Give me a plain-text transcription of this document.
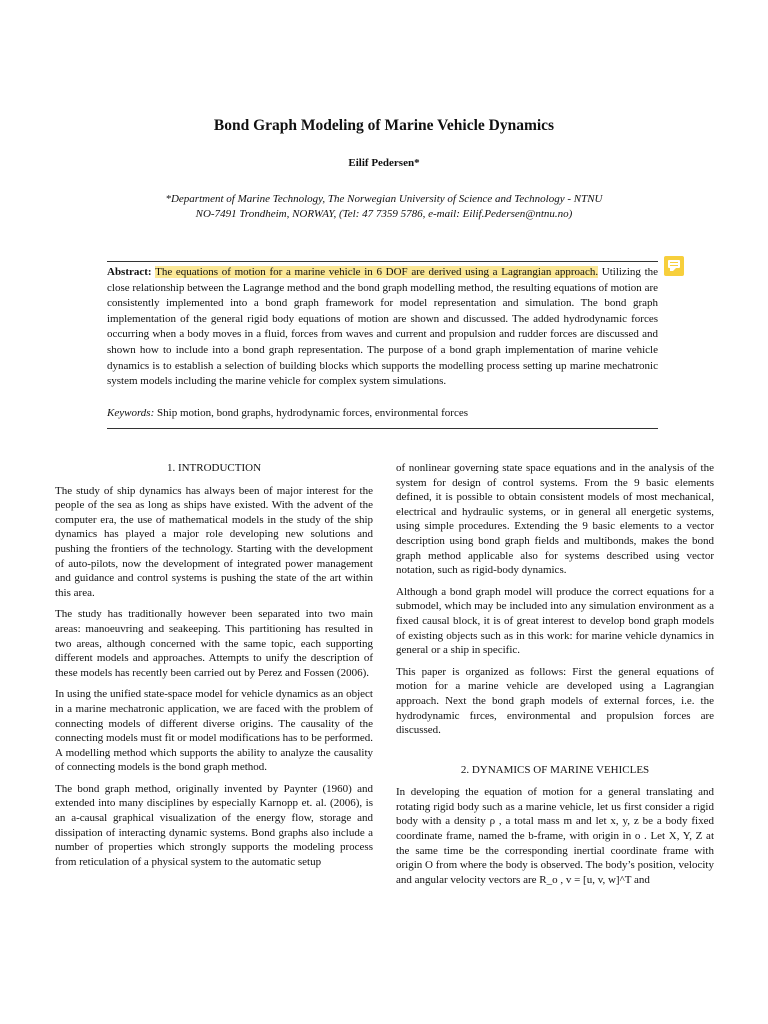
Bond Graph Modeling of Marine Vehicle Dynamics
Eilif Pedersen*
*Department of Marine Technology, The Norwegian University of Science and Technology - NTNU
NO-7491 Trondheim, NORWAY, (Tel: 47 7359 5786, e-mail: Eilif.Pedersen@ntnu.no)
Abstract: The equations of motion for a marine vehicle in 6 DOF are derived using a Lagrangian approach. Utilizing the close relationship between the Lagrange method and the bond graph modelling method, the resulting equations of motion are consistently implemented into a bond graph framework for model representation and simulation. The bond graph implementation of the general rigid body equations of motion are shown and discussed. The added hydrodynamic forces occurring when a body moves in a fluid, forces from waves and current and propulsion and rudder forces are discussed and shown how to include into a bond graph representation. The purpose of a bond graph implementation of marine vehicle dynamics is to establish a selection of building blocks which supports the modelling process setting up marine mechatronic system models including the marine vehicle for complex system simulations.
Keywords: Ship motion, bond graphs, hydrodynamic forces, environmental forces
1. INTRODUCTION

The study of ship dynamics has always been of major interest for the people of the sea as long as ships have existed. With the advent of the computer era, the use of mathematical models in the study of the ship dynamics has played a major role developing new solutions and pushing the frontiers of the technology. Starting with the development of auto-pilots, now the development of integrated power management and guidance and control systems is pushing the state of the art within this area.

The study has traditionally however been separated into two main areas: manoeuvring and seakeeping. This partitioning has resulted in two areas, although concerned with the same topic, each supporting different models and approaches. Attempts to unify the description of these models has recently been carried out by Perez and Fossen (2006).

In using the unified state-space model for vehicle dynamics as an object in a marine mechatronic application, we are faced with the problem of connecting models of different diverse origins. The causality of the connecting models must fit or model modifications has to be performed. A modelling method which supports the ability to analyze the causality of connecting models is the bond graph method.

The bond graph method, originally invented by Paynter (1960) and extended into many disciplines by especially Karnopp et. al. (2006), is an a-causal graphical visualization of the energy flow, storage and dissipation of interacting dynamic systems. Bond graphs also include a number of properties which strongly supports the modeling process from reticulation of a physical system to the automatic setup

of nonlinear governing state space equations and in the analysis of the system for design of control systems. From the 9 basic elements defined, it is possible to obtain consistent models of most mechanical, electrical and hydraulic systems, or in general all energetic systems, using simple procedures. Extending the 9 basic elements to a vector description using bond graph fields and multibonds, makes the bond graph method applicable also for systems described using vector notation, such as rigid-body dynamics.

Although a bond graph model will produce the correct equations for a submodel, which may be included into any simulation environment as a fixed causal block, it is of great interest to develop bond graph models of existing objects such as in this work: for marine vehicle dynamics in general or a ship in specific.

This paper is organized as follows: First the general equations of motion for a marine vehicle are developed using a Lagrangian approach. Next the bond graph models of external forces, i.e. the hydrodynamic fırces, environmental and propulsion forces are discussed.

2. DYNAMICS OF MARINE VEHICLES

In developing the equation of motion for a general translating and rotating rigid body such as a marine vehicle, let us first consider a rigid body with a density ρ , a total mass m and let x, y, z be a body fixed coordinate frame, named the b-frame, with origin in o . Let X, Y, Z at the same time be the corresponding inertial coordinate frame with origin O from where the body is observed. The body’s position, velocity and angular velocity vectors are R_o , v = [u, v, w]^T and
